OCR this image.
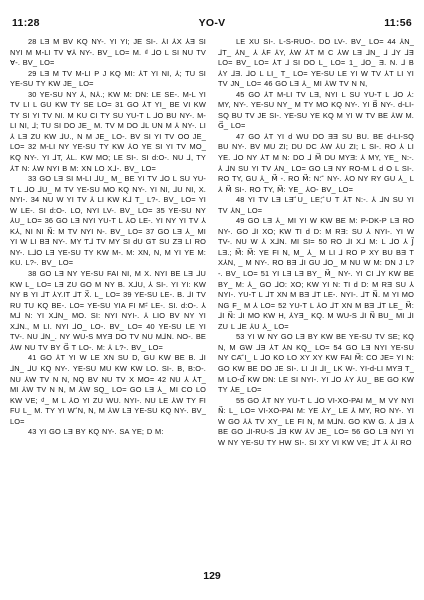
11:28	YO-V	11:56

28 LƎ M BV KQ NY-. YI YI; JE SI-. ⅄I ⅄X ⅄Ǝ SI NYI M M-LI TV Ɐ⅄ NY-. BV_ LO= M. ₫ ⅃O L SI NU TV Ɐ-. BV_ LO=

29 LƎ M TV M-LI P J KQ MI: ⅄T YI NI, ⅄; TU SI YE-SU TY KW JE_ LO=

30 YE-SU NY ⅄, N⅄.; KW M: DN: LE SE-. M-L YI TV LI L GU KW TY SE LO= 31 GO ⅄T YI_ BE VI KW TY SI YI TV NI. M KU CI TY SU YU-T L ⅃O BU NY-. M-LI NI, ⅃; TU SI DO JE_ M. TV M DO ⅃L UN M ⅄ NY-. LI ⅄ LƎ ZU KW ⅃U., N M JE_ LO-. BV SI YI TV OO JE_ LO= 32 M-LI NY YE-SU TY KW ⅄O YE SI YI TV MO_ KQ NY-. YI ⅃T, ⅄L. KW MO; LE SI-. SI d:O-. NU ⅃, TY ⅄T N: ⅄W NYI B M: XN LO X⅃-. BV_ LO=

33 GO LƎ SI M-LI ⅃U_ M_ BE YI TV ⅃O L SU YU-T L ⅃O ⅃U_ M TV YE-SU MO KQ NY-. YI NI, ⅃U NI, X. NYI-. 34 NU W YI TV ⅄ LI KW K⅃ T_ L?-. BV_ LO= YI W LE-. SI d:O-. LO, NYI LV-. BV_ LO= 35 YE-SU NY ⅄U_ LO= 36 GO LƎ NYI YU-T L ⅄O LE-. YI NY YI TV ⅄ K⅄, NI NI N⃗: M TV NYI N-. BV_ LO= 37 GO LƎ ⅄_ MI YI W LI BƎ NY-. MY Ƭ⅃ TV MY SI dU GT SU ZƎ LI RO NY-. L⅃O LƎ YE-SU TY KW M-. M: XN, N, M YI YE M: KU. L?-. BV_ LO=

38 GO LƎ NY YE-SU FAI NI, M X. NYI BE LƎ ⅃U KW L_ LO= LƎ ZU GO M NY B. X⅃U, ⅄ SI-. YI YI: KW NY B YI ⅃T ⅄Y.IT ⅃T X⃗. L_ LO= 39 YE-SU LE-. B. ⅃I TV RU TU KQ BE-. LO= YE-SU YIA FI M-⃗ LE-. SI. d:O-. ⅄ M⅃ N: YI X⅃N_ MO. SI: NYI NYI-. ⅄ LIO BV NY YI X⅃N., M LI. NYI ⅃O_ LO-. BV_ LO= 40 YE-SU LE YI TV-. NU ⅃N_. NY WU-S MYƎ DO TV NU M⅃N. NO-. BE ⅄W NU TV BY G⃗ T LO-. M: ⅄ L?-. BV_ LO=

41 GO ⅄T YI W LE XN SU D, GU KW BE B. ⅃I ⅃N_ ⅃U KQ NY-. YE-SU MU KW KW LO. SI-. B, B:O-. NU ⅄W TV N N, NQ BV NU TV X MO= 42 NU ⅄ ⅄T_ MI ⅄W TV N N, M ⅄W SQ_ LO= GO LƎ ⅄_ MI CO LO KW VE; ₫_ M L ⅄O YI ZU WU. NYI-. NU LE ⅄W TY FI FU L_ M. TY YI W ⃗N, N, M ⅄W LƎ YE-SU KQ NY-. BV_ LO=

43 YI GO LƎ BY KQ NY-. SA YE; D M:

LE XU SI-. L-S-RUO-. DO LV-. BV_ LO= 44 ⅄N_ ⅃T_ ⅄N_ ⅄ ⅄F ⅄Y, ⅄W ⅄T M C ⅄W LƎ ⅃N_ ⅃ ⅃Y ⅃Ǝ LO= BV_ LO= ⅄T ⅃ SI DO L_ LO= 1_ ⅃O_ Ǝ. N. ⅃ B ⅄Y ⅃Ǝ. ⅃O L LI_ T_ LO= YE-SU LE YI W TV ⅄T LI YI TV JN_ LO= 46 GO LƎ ⅄_ MI ⅄W TV N N,

45 GO ⅄T M-LI TV LƎ, NYI L SU YU-T L ⅃O ⅄: MY, NY-. YE-SU NY_ M TY MO KQ NY-. YI B⃗ NY-. d-LI-SQ BU TV JE SI-. YE-SU YE KQ M YI W TV BE ⅄W M. G⃗_ LO=

47 GO ⅄T YI d WU DO ƎƎ SU BU. BE d-LI-SQ BU NY-. BV MU ZI; DU DC ⅄W ⅄U ZI; L SI-. RO ⅄ LI YE. ⅃O NY ⅄T M N: DO ⅃ M⃗ DU MYƎ: ⅄ MY, YE_ N:-. ⅄ ⅃N SU YI TV ⅄N_ LO= GO LƎ NY RO-M L d O L SI-. RO TY, GU ⅄_ M⃗ -. RO M⃗: N: ⃗ NY-. ⅄O NY RY GU ⅄_ L ⅄ M⃗ SI-. RO TY, M⃗: YE_ ⅄O- BV_ LO=

48 YI TV LƎ LƎ ⃗U_ LE; ⃗U T ⅄T N:-. ⅄ ⅃N SU YI TV ⅄N_ LO=

49 GO LƎ ⅄_ MI YI W KW BE M: P-DK-P LƎ RO NY-. GO ⅃I XO; KW TI d D: M RƎ: SU ⅄ NYI-. YI W TV-. NU W ⅄ X⅃N. MI SI= 50 RO ⅃I X⅃ M: L ⅃O ⅄ J⃗ LƎ.; M⃗: M⃗: YE FI N, M_ ⅄_ M LI ⅃ RO P XY BU BƎ T X⅄N, _ M NY-. RO BƎ ⅃I GU ⅃O_ M NU W M: DN J L?-. BV_ LO= 51 YI LƎ LƎ BY_ M⃗_ NY-. YI CI ⅃Y KW BE BY_ M: ⅄_ GO ⅃O: XO; KW YI N: TI d D: M RƎ SU ⅄ NYI-. YU-T L ⅃T XN M BƎ ⅃T LE-. NYI-. ⅃T N⃗. M YI MO NG F_ M ⅄ LO= 52 YU-T L ⅄O ⅃T XN M BƎ ⅃T LE_ M⃗: ⅃I N⃗: ⅃I MO KW H, ⅄YƎ_ KQ. M WU-S ⅃I N⃗ BU_ MI ⅃I ZU L ⅃E ⅄U ⅄_ LO=

53 YI W NY GO LƎ BY KW BE YE-SU TV SE; KQ N, M GW ⅃Ǝ ⅄T ⅄N KQ_ LO= 54 GO LƎ NYI YE-SU NY CA ⃗I_ L ⅃O KO LO XY XY KW FAI M⃗: CO JE= YI N: GO KW BE DO JE SI-. LI ⅃I ⅃I_ LK W-. YI-d-LI MYƎ T_ M LO-d⃗ KW DN: LE SI NYI-. YI ⅃O ⅄Y ⅄U_ BE GO KW TY ⅄E_ LO=

55 GO ⅄T NY YU-T L ⅃O VI-XO-PAI M_ M VY NYI N⃗: L_ LO= VI-XO-PAI M: YE ⅄Y_ LE ⅄ MY, RO NY-. YI W GO ⅄⅄ TV XY_ LE FI N, M M⅃N. GO KW G. ⅄ ⅃Ǝ ⅄ BE GO ⅃I-RU-S ⅃Ǝ KW ⅄V JE_ LO= 56 GO LƎ NYI YI W NY YE-SU TY HW SI-. SI XY VI KW VE; ⅃T ⅄ ⅄I RO

129
